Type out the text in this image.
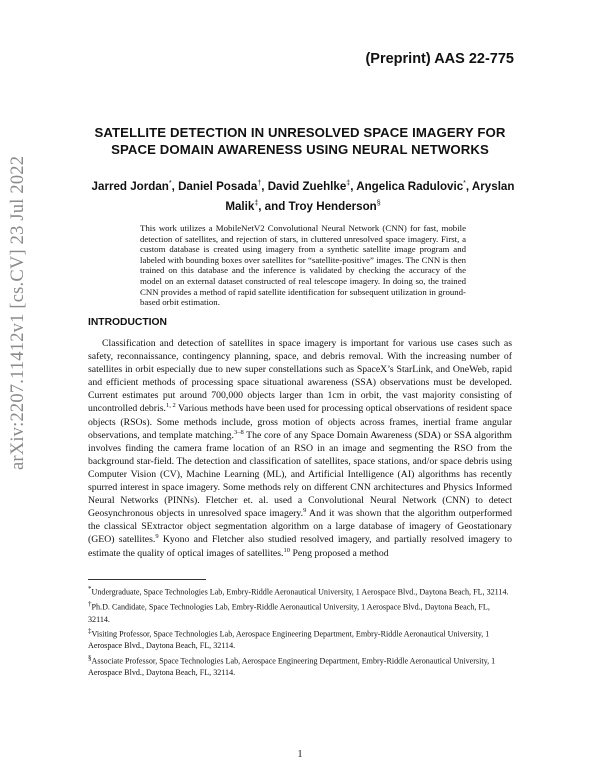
arXiv:2207.11412v1 [cs.CV] 23 Jul 2022
(Preprint) AAS 22-775
SATELLITE DETECTION IN UNRESOLVED SPACE IMAGERY FOR
SPACE DOMAIN AWARENESS USING NEURAL NETWORKS
Jarred Jordan*, Daniel Posada†, David Zuehlke‡, Angelica Radulovic*, Aryslan Malik‡, and Troy Henderson§
This work utilizes a MobileNetV2 Convolutional Neural Network (CNN) for fast, mobile detection of satellites, and rejection of stars, in cluttered unresolved space imagery. First, a custom database is created using imagery from a synthetic satellite image program and labeled with bounding boxes over satellites for “satellite-positive” images. The CNN is then trained on this database and the inference is validated by checking the accuracy of the model on an external dataset constructed of real telescope imagery. In doing so, the trained CNN provides a method of rapid satellite identification for subsequent utilization in ground-based orbit estimation.
INTRODUCTION
Classification and detection of satellites in space imagery is important for various use cases such as safety, reconnaissance, contingency planning, space, and debris removal. With the increasing number of satellites in orbit especially due to new super constellations such as SpaceX’s StarLink, and OneWeb, rapid and efficient methods of processing space situational awareness (SSA) observations must be developed. Current estimates put around 700,000 objects larger than 1cm in orbit, the vast majority consisting of uncontrolled debris.$^{1, 2}$ Various methods have been used for processing optical observations of resident space objects (RSOs). Some methods include, gross motion of objects across frames, inertial frame angular observations, and template matching.$^{3-8}$ The core of any Space Domain Awareness (SDA) or SSA algorithm involves finding the camera frame location of an RSO in an image and segmenting the RSO from the background star-field. The detection and classification of satellites, space stations, and/or space debris using Computer Vision (CV), Machine Learning (ML), and Artificial Intelligence (AI) algorithms has recently spurred interest in space imagery. Some methods rely on different CNN architectures and Physics Informed Neural Networks (PINNs). Fletcher et. al. used a Convolutional Neural Network (CNN) to detect Geosynchronous objects in unresolved space imagery.$^9$ And it was shown that the algorithm outperformed the classical SExtractor object segmentation algorithm on a large database of imagery of Geostationary (GEO) satellites.$^9$ Kyono and Fletcher also studied resolved imagery, and partially resolved imagery to estimate the quality of optical images of satellites.$^{10}$ Peng proposed a method
*Undergraduate, Space Technologies Lab, Embry-Riddle Aeronautical University, 1 Aerospace Blvd., Daytona Beach, FL, 32114.
†Ph.D. Candidate, Space Technologies Lab, Embry-Riddle Aeronautical University, 1 Aerospace Blvd., Daytona Beach, FL, 32114.
‡Visiting Professor, Space Technologies Lab, Aerospace Engineering Department, Embry-Riddle Aeronautical University, 1 Aerospace Blvd., Daytona Beach, FL, 32114.
§Associate Professor, Space Technologies Lab, Aerospace Engineering Department, Embry-Riddle Aeronautical University, 1 Aerospace Blvd., Daytona Beach, FL, 32114.
1
